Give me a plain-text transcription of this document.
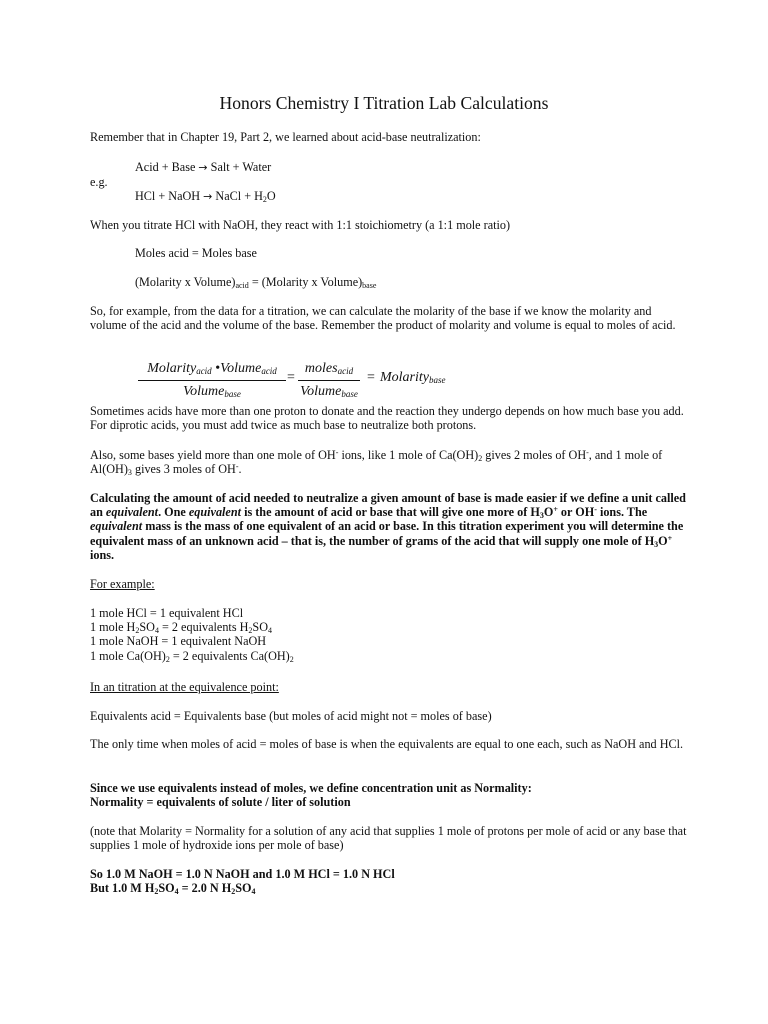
Honors Chemistry I Titration Lab Calculations

Remember that in Chapter 19, Part 2, we learned about acid-base neutralization:

Acid + Base → Salt + Water

e.g.

HCl + NaOH → NaCl + $H_2O$

When you titrate HCl with NaOH, they react with 1:1 stoichiometry (a 1:1 mole ratio)

Moles acid = Moles base

(Molarity x $Volume)_{acid}$ = (Molarity x $Volume)_{base}$

So, for example, from the data for a titration, we can calculate the molarity of the base if we know the molarity and volume of the acid and the volume of the base. Remember the product of molarity and volume is equal to moles of acid.

Molarity$_{acid}$ •Volume$_{acid}$
Volume$_{base}$
=
moles$_{acid}$
Volume$_{base}$
= Molarity$_{base}$

Sometimes acids have more than one proton to donate and the reaction they undergo depends on how much base you add. For diprotic acids, you must add twice as much base to neutralize both protons.

Also, some bases yield more than one mole of OH- ions, like 1 mole of $Ca(OH)_2$ gives 2 moles of OH-, and 1 mole of $Al(OH)_3$ gives 3 moles of OH-.

Calculating the amount of acid needed to neutralize a given amount of base is made easier if we define a unit called an equivalent. One equivalent is the amount of acid or base that will give one more of $H_3O^+$ or OH- ions. The equivalent mass is the mass of one equivalent of an acid or base. In this titration experiment you will determine the equivalent mass of an unknown acid – that is, the number of grams of the acid that will supply one mole of $H_3O^+$ ions.

For example:

1 mole HCl = 1 equivalent HCl
1 mole $H_2SO_4 = 2$ equivalents $H_2SO_4$
1 mole NaOH = 1 equivalent NaOH
1 mole $Ca(OH)_2 = 2$ equivalents $Ca(OH)_2$

In an titration at the equivalence point:

Equivalents acid = Equivalents base (but moles of acid might not = moles of base)

The only time when moles of acid = moles of base is when the equivalents are equal to one each, such as NaOH and HCl.

Since we use equivalents instead of moles, we define concentration unit as Normality:
Normality = equivalents of solute / liter of solution

(note that Molarity = Normality for a solution of any acid that supplies 1 mole of protons per mole of acid or any base that supplies 1 mole of hydroxide ions per mole of base)

So 1.0 M NaOH = 1.0 N NaOH and 1.0 M HCl = 1.0 N HCl
But 1.0 M $H_2SO_4 = 2.0$ N $H_2SO_4$
